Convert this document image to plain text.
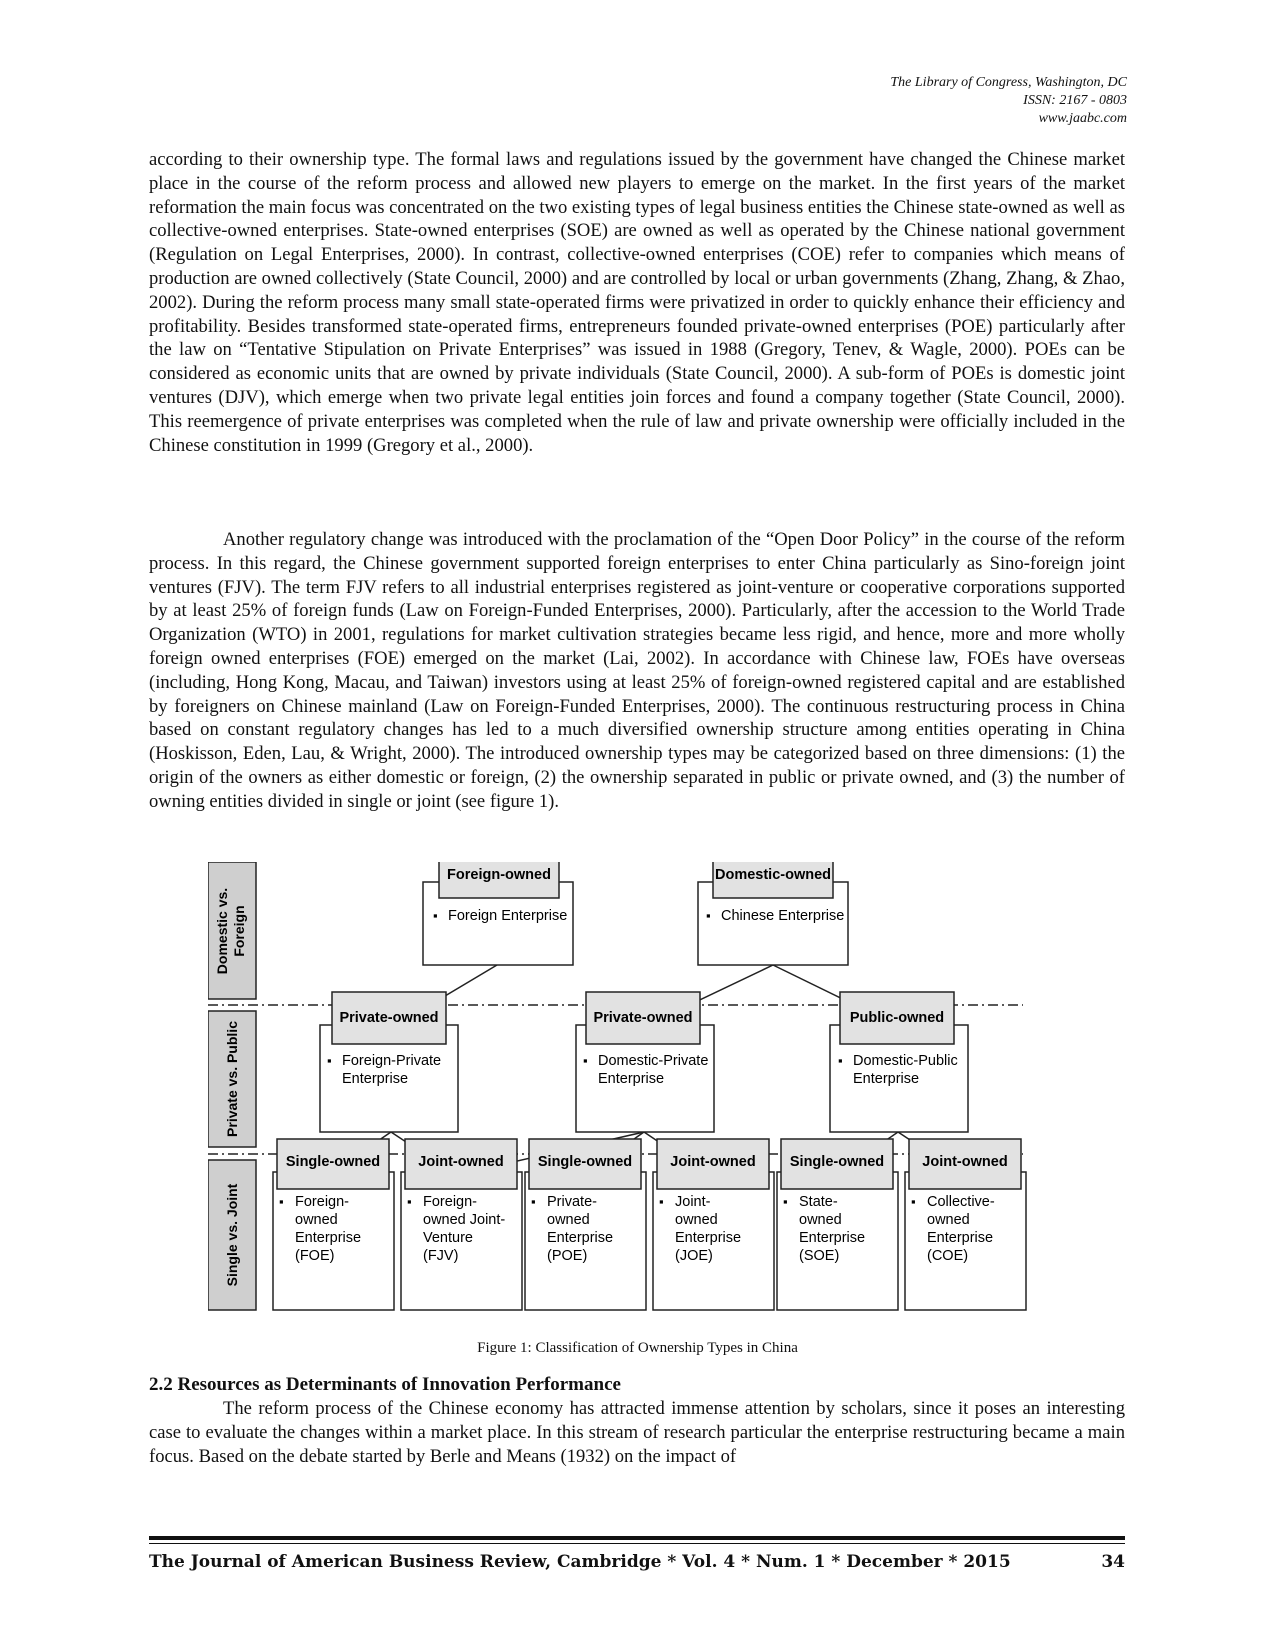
The Library of Congress, Washington, DC
ISSN: 2167 - 0803
www.jaabc.com

according to their ownership type. The formal laws and regulations issued by the government have changed the Chinese market place in the course of the reform process and allowed new players to emerge on the market. In the first years of the market reformation the main focus was concentrated on the two existing types of legal business entities the Chinese state-owned as well as collective-owned enterprises. State-owned enterprises (SOE) are owned as well as operated by the Chinese national government (Regulation on Legal Enterprises, 2000). In contrast, collective-owned enterprises (COE) refer to companies which means of production are owned collectively (State Council, 2000) and are controlled by local or urban governments (Zhang, Zhang, & Zhao, 2002). During the reform process many small state-operated firms were privatized in order to quickly enhance their efficiency and profitability. Besides transformed state-operated firms, entrepreneurs founded private-owned enterprises (POE) particularly after the law on “Tentative Stipulation on Private Enterprises” was issued in 1988 (Gregory, Tenev, & Wagle, 2000). POEs can be considered as economic units that are owned by private individuals (State Council, 2000). A sub-form of POEs is domestic joint ventures (DJV), which emerge when two private legal entities join forces and found a company together (State Council, 2000). This reemergence of private enterprises was completed when the rule of law and private ownership were officially included in the Chinese constitution in 1999 (Gregory et al., 2000).

Another regulatory change was introduced with the proclamation of the “Open Door Policy” in the course of the reform process. In this regard, the Chinese government supported foreign enterprises to enter China particularly as Sino-foreign joint ventures (FJV). The term FJV refers to all industrial enterprises registered as joint-venture or cooperative corporations supported by at least 25% of foreign funds (Law on Foreign-Funded Enterprises, 2000). Particularly, after the accession to the World Trade Organization (WTO) in 2001, regulations for market cultivation strategies became less rigid, and hence, more and more wholly foreign owned enterprises (FOE) emerged on the market (Lai, 2002). In accordance with Chinese law, FOEs have overseas (including, Hong Kong, Macau, and Taiwan) investors using at least 25% of foreign-owned registered capital and are established by foreigners on Chinese mainland (Law on Foreign-Funded Enterprises, 2000). The continuous restructuring process in China based on constant regulatory changes has led to a much diversified ownership structure among entities operating in China (Hoskisson, Eden, Lau, & Wright, 2000). The introduced ownership types may be categorized based on three dimensions: (1) the origin of the owners as either domestic or foreign, (2) the ownership separated in public or private owned, and (3) the number of owning entities divided in single or joint (see figure 1).

Domestic vs. Foreign
Private vs. Public
Single vs. Joint
Foreign-owned
▪ Foreign Enterprise
Domestic-owned
▪ Chinese Enterprise
Private-owned
▪ Foreign-Private
Enterprise
Private-owned
▪ Domestic-Private
Enterprise
Public-owned
▪ Domestic-Public
Enterprise
Single-owned
▪ Foreign-
owned
Enterprise
(FOE)
Joint-owned
▪ Foreign-
owned Joint-
Venture
(FJV)
Single-owned
▪ Private-
owned
Enterprise
(POE)
Joint-owned
▪ Joint-
owned
Enterprise
(JOE)
Single-owned
▪ State-
owned
Enterprise
(SOE)
Joint-owned
▪ Collective-
owned
Enterprise
(COE)
Figure 1: Classification of Ownership Types in China
2.2 Resources as Determinants of Innovation Performance

The reform process of the Chinese economy has attracted immense attention by scholars, since it poses an interesting case to evaluate the changes within a market place. In this stream of research particular the enterprise restructuring became a main focus. Based on the debate started by Berle and Means (1932) on the impact of

The Journal of American Business Review, Cambridge * Vol. 4 * Num. 1 * December * 2015	34
